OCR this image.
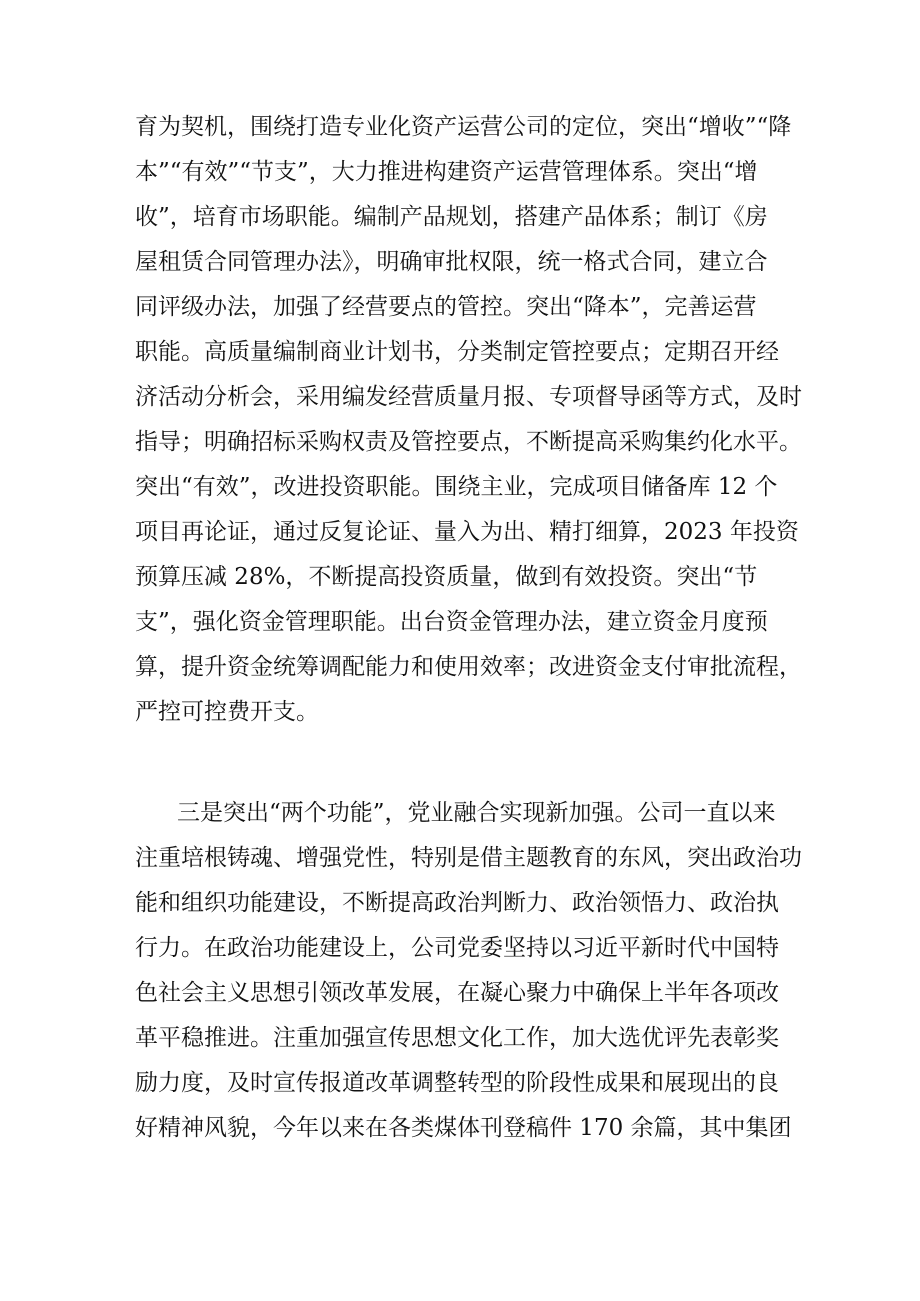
育为契机，围绕打造专业化资产运营公司的定位，突出“增收”“降
本”“有效”“节支”，大力推进构建资产运营管理体系。突出“增
收”，培育市场职能。编制产品规划，搭建产品体系；制订《房
屋租赁合同管理办法》，明确审批权限，统一格式合同，建立合
同评级办法，加强了经营要点的管控。突出“降本”，完善运营
职能。高质量编制商业计划书，分类制定管控要点；定期召开经
济活动分析会，采用编发经营质量月报、专项督导函等方式，及时
指导；明确招标采购权责及管控要点，不断提高采购集约化水平。
突出“有效”，改进投资职能。围绕主业，完成项目储备库 12 个
项目再论证，通过反复论证、量入为出、精打细算，2023 年投资
预算压减 28%，不断提高投资质量，做到有效投资。突出“节
支”，强化资金管理职能。出台资金管理办法，建立资金月度预
算，提升资金统筹调配能力和使用效率；改进资金支付审批流程，
严控可控费开支。

三是突出“两个功能”，党业融合实现新加强。公司一直以来
注重培根铸魂、增强党性，特别是借主题教育的东风，突出政治功
能和组织功能建设，不断提高政治判断力、政治领悟力、政治执
行力。在政治功能建设上，公司党委坚持以习近平新时代中国特
色社会主义思想引领改革发展，在凝心聚力中确保上半年各项改
革平稳推进。注重加强宣传思想文化工作，加大选优评先表彰奖
励力度，及时宣传报道改革调整转型的阶段性成果和展现出的良
好精神风貌，今年以来在各类煤体刊登稿件 170 余篇，其中集团
